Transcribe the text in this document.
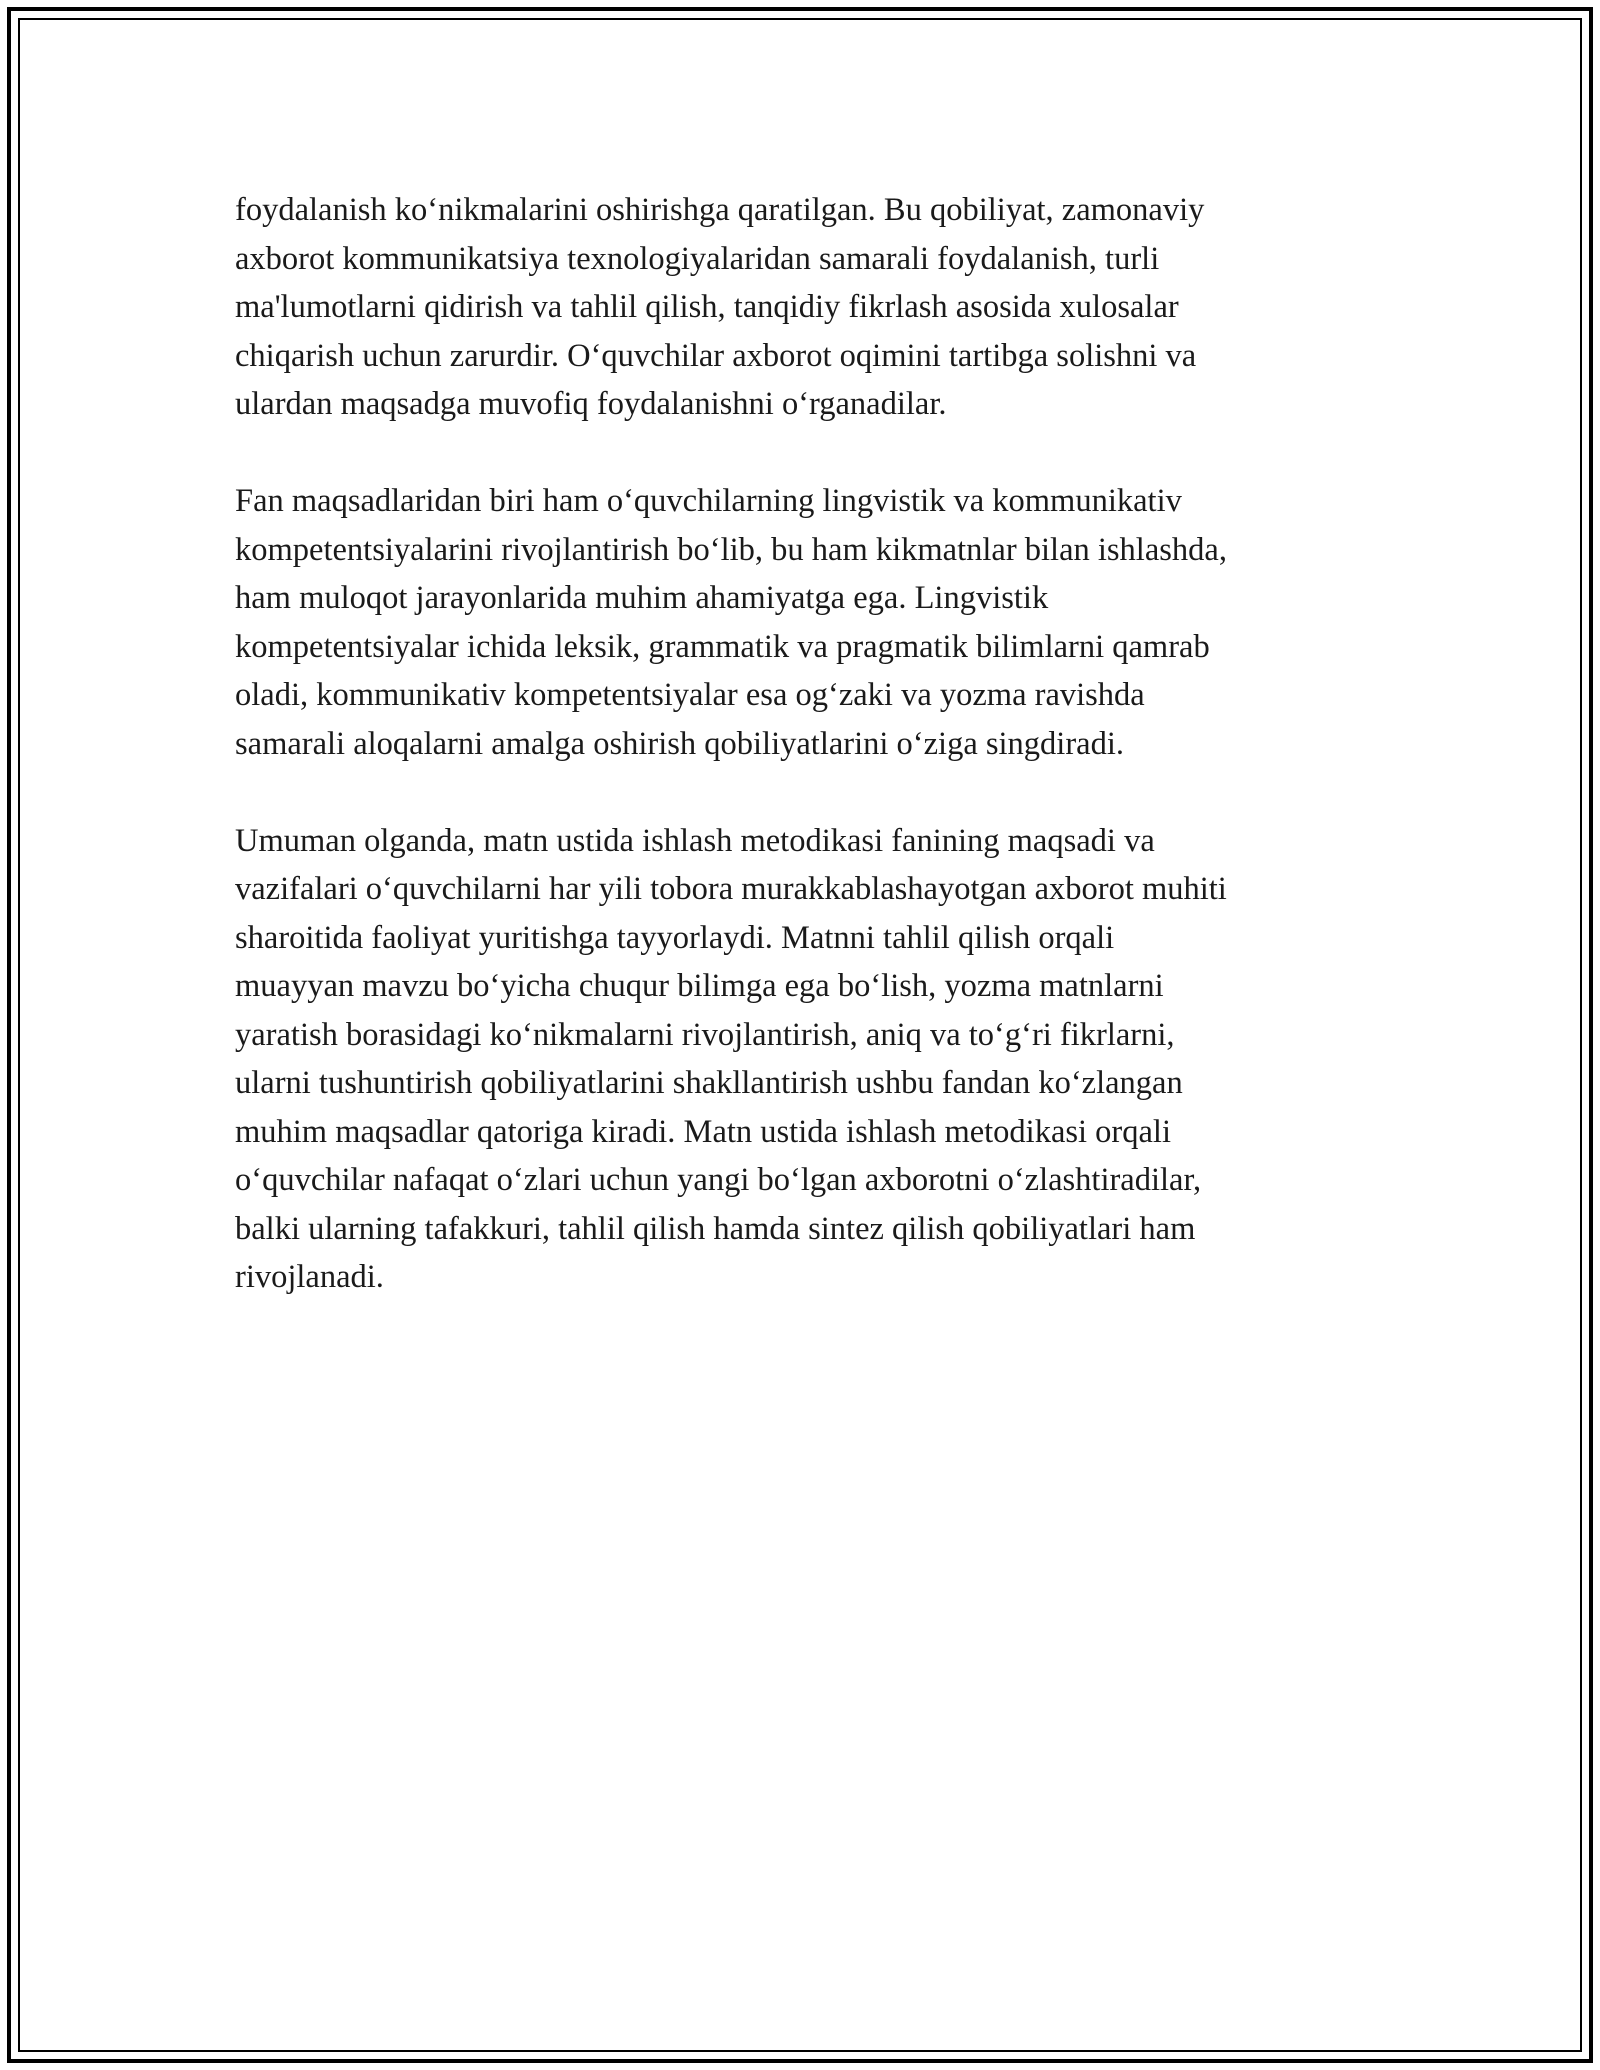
foydalanish ko‘nikmalarini oshirishga qaratilgan. Bu qobiliyat, zamonaviy
axborot kommunikatsiya texnologiyalaridan samarali foydalanish, turli
ma'lumotlarni qidirish va tahlil qilish, tanqidiy fikrlash asosida xulosalar
chiqarish uchun zarurdir. O‘quvchilar axborot oqimini tartibga solishni va
ulardan maqsadga muvofiq foydalanishni o‘rganadilar.

Fan maqsadlaridan biri ham o‘quvchilarning lingvistik va kommunikativ
kompetentsiyalarini rivojlantirish bo‘lib, bu ham kikmatnlar bilan ishlashda,
ham muloqot jarayonlarida muhim ahamiyatga ega. Lingvistik
kompetentsiyalar ichida leksik, grammatik va pragmatik bilimlarni qamrab
oladi, kommunikativ kompetentsiyalar esa og‘zaki va yozma ravishda
samarali aloqalarni amalga oshirish qobiliyatlarini o‘ziga singdiradi.

Umuman olganda, matn ustida ishlash metodikasi fanining maqsadi va
vazifalari o‘quvchilarni har yili tobora murakkablashayotgan axborot muhiti
sharoitida faoliyat yuritishga tayyorlaydi. Matnni tahlil qilish orqali
muayyan mavzu bo‘yicha chuqur bilimga ega bo‘lish, yozma matnlarni
yaratish borasidagi ko‘nikmalarni rivojlantirish, aniq va to‘g‘ri fikrlarni,
ularni tushuntirish qobiliyatlarini shakllantirish ushbu fandan ko‘zlangan
muhim maqsadlar qatoriga kiradi. Matn ustida ishlash metodikasi orqali
o‘quvchilar nafaqat o‘zlari uchun yangi bo‘lgan axborotni o‘zlashtiradilar,
balki ularning tafakkuri, tahlil qilish hamda sintez qilish qobiliyatlari ham
rivojlanadi.
